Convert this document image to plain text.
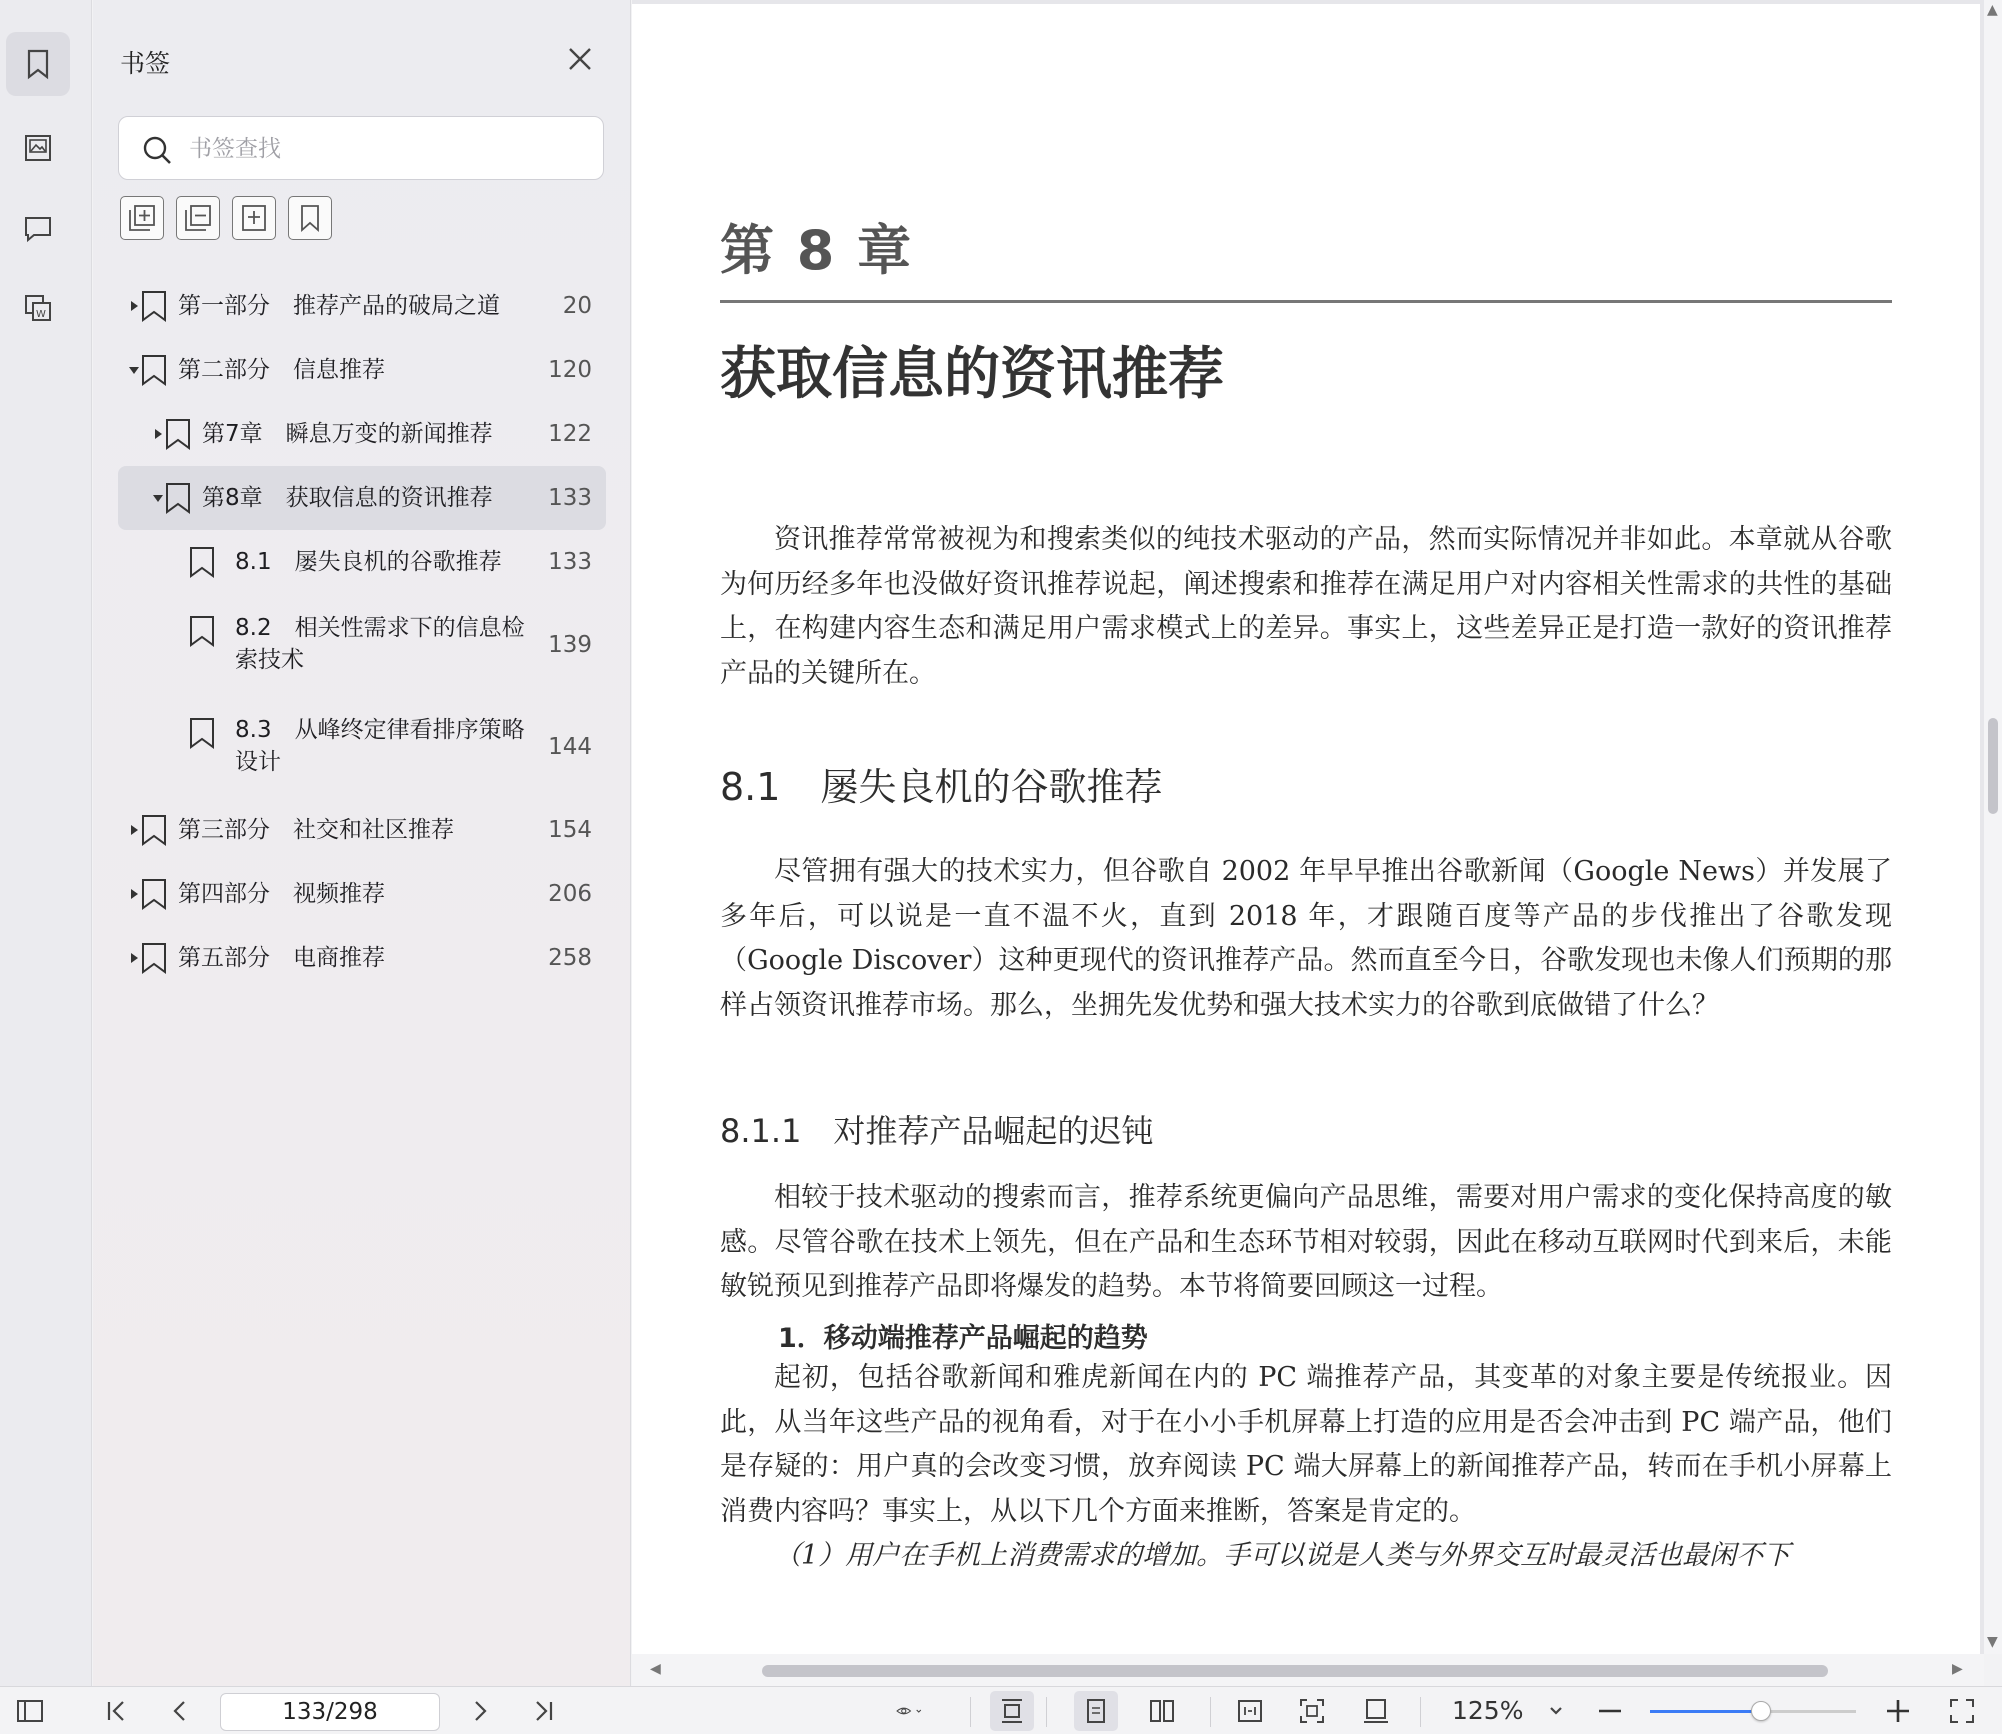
W
书签
书签查找
第一部分　推荐产品的破局之道	20
第二部分　信息推荐	120
第7章　瞬息万变的新闻推荐 122
第8章　获取信息的资讯推荐 133
8.1　屡失良机的谷歌推荐 133
8.2　相关性需求下的信息检
索技术
139
8.3　从峰终定律看排序策略
设计
144
第三部分　社交和社区推荐	154
第四部分　视频推荐	206
第五部分　电商推荐	258
第 8 章
获取信息的资讯推荐
资讯推荐常常被视为和搜索类似的纯技术驱动的产品，然而实际情况并非如此。本章就从谷歌为何历经多年也没做好资讯推荐说起，阐述搜索和推荐在满足用户对内容相关性需求的共性的基础上，在构建内容生态和满足用户需求模式上的差异。事实上，这些差异正是打造一款好的资讯推荐产品的关键所在。
8.1 屡失良机的谷歌推荐
尽管拥有强大的技术实力，但谷歌自 2002 年早早推出谷歌新闻（Google News）并发展了多年后，可以说是一直不温不火，直到 2018 年，才跟随百度等产品的步伐推出了谷歌发现（Google Discover）这种更现代的资讯推荐产品。然而直至今日，谷歌发现也未像人们预期的那样占领资讯推荐市场。那么，坐拥先发优势和强大技术实力的谷歌到底做错了什么？
8.1.1 对推荐产品崛起的迟钝
相较于技术驱动的搜索而言，推荐系统更偏向产品思维，需要对用户需求的变化保持高度的敏感。尽管谷歌在技术上领先，但在产品和生态环节相对较弱，因此在移动互联网时代到来后，未能敏锐预见到推荐产品即将爆发的趋势。本节将简要回顾这一过程。
1．移动端推荐产品崛起的趋势
起初，包括谷歌新闻和雅虎新闻在内的 PC 端推荐产品，其变革的对象主要是传统报业。因此，从当年这些产品的视角看，对于在小小手机屏幕上打造的应用是否会冲击到 PC 端产品，他们是存疑的：用户真的会改变习惯，放弃阅读 PC 端大屏幕上的新闻推荐产品，转而在手机小屏幕上消费内容吗？事实上，从以下几个方面来推断，答案是肯定的。
（1）用户在手机上消费需求的增加。手可以说是人类与外界交互时最灵活也最闲不下
▲
▼
◀	▶
133/298	125%
